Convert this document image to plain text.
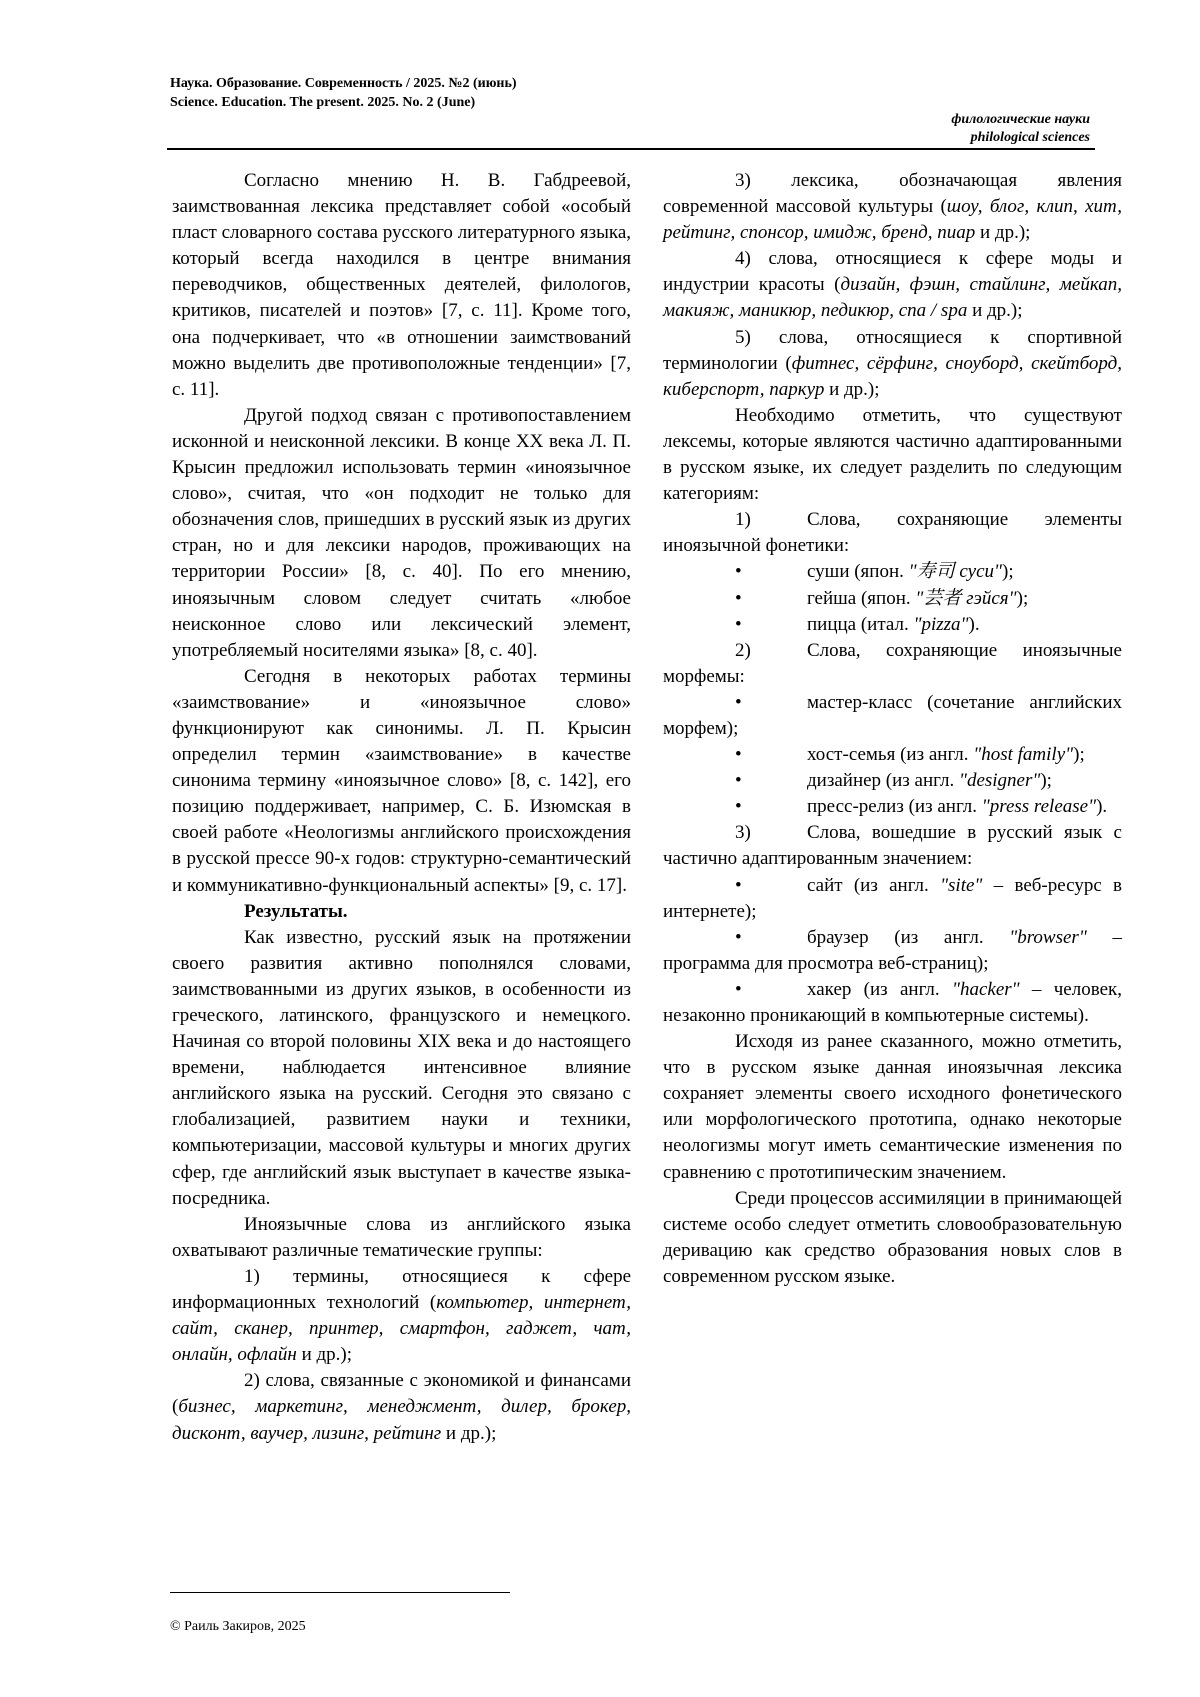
Наука. Образование. Современность / 2025. №2 (июнь)
Science. Education. The present. 2025. No. 2 (June)
филологические науки
philological sciences

Согласно мнению Н. В. Габдреевой, заимствованная лексика представляет собой «особый пласт словарного состава русского литературного языка, который всегда находился в центре внимания переводчиков, общественных деятелей, филологов, критиков, писателей и поэтов» [7, с. 11]. Кроме того, она подчеркивает, что «в отношении заимствований можно выделить две противоположные тенденции» [7, с. 11].

Другой подход связан с противопоставлением исконной и неисконной лексики. В конце XX века Л. П. Крысин предложил использовать термин «иноязычное слово», считая, что «он подходит не только для обозначения слов, пришедших в русский язык из других стран, но и для лексики народов, проживающих на территории России» [8, с. 40]. По его мнению, иноязычным словом следует считать «любое неисконное слово или лексический элемент, употребляемый носителями языка» [8, с. 40].

Сегодня в некоторых работах термины «заимствование» и «иноязычное слово» функционируют как синонимы. Л. П. Крысин определил термин «заимствование» в качестве синонима термину «иноязычное слово» [8, с. 142], его позицию поддерживает, например, С. Б. Изюмская в своей работе «Неологизмы английского происхождения в русской прессе 90-х годов: структурно-семантический и коммуникативно-функциональный аспекты» [9, с. 17].

Результаты.

Как известно, русский язык на протяжении своего развития активно пополнялся словами, заимствованными из других языков, в особенности из греческого, латинского, французского и немецкого. Начиная со второй половины XIX века и до настоящего времени, наблюдается интенсивное влияние английского языка на русский. Сегодня это связано с глобализацией, развитием науки и техники, компьютеризации, массовой культуры и многих других сфер, где английский язык выступает в качестве языка-посредника.

Иноязычные слова из английского языка охватывают различные тематические группы:

1) термины, относящиеся к сфере информационных технологий (компьютер, интернет, сайт, сканер, принтер, смартфон, гаджет, чат, онлайн, офлайн и др.);

2) слова, связанные с экономикой и финансами (бизнес, маркетинг, менеджмент, дилер, брокер, дисконт, ваучер, лизинг, рейтинг и др.);

3) лексика, обозначающая явления современной массовой культуры (шоу, блог, клип, хит, рейтинг, спонсор, имидж, бренд, пиар и др.);

4) слова, относящиеся к сфере моды и индустрии красоты (дизайн, фэшн, стайлинг, мейкап, макияж, маникюр, педикюр, спа / spa и др.);

5) слова, относящиеся к спортивной терминологии (фитнес, сёрфинг, сноуборд, скейтборд, киберспорт, паркур и др.);

Необходимо отметить, что существуют лексемы, которые являются частично адаптированными в русском языке, их следует разделить по следующим категориям:

1)	Слова, сохраняющие элементы иноязычной фонетики:

•	суши (япон. "寿司 суси");

•	гейша (япон. "芸者 гэйся");

•	пицца (итал. "pizza").

2)	Слова, сохраняющие иноязычные морфемы:

•	мастер-класс (сочетание английских морфем);

•	хост-семья (из англ. "host family");

•	дизайнер (из англ. "designer");

•	пресс-релиз (из англ. "press release").

3)	Слова, вошедшие в русский язык с частично адаптированным значением:

•	сайт (из англ. "site" – веб-ресурс в интернете);

•	браузер (из англ. "browser" – программа для просмотра веб-страниц);

•	хакер (из англ. "hacker" – человек, незаконно проникающий в компьютерные системы).

Исходя из ранее сказанного, можно отметить, что в русском языке данная иноязычная лексика сохраняет элементы своего исходного фонетического или морфологического прототипа, однако некоторые неологизмы могут иметь семантические изменения по сравнению с прототипическим значением.

Среди процессов ассимиляции в принимающей системе особо следует отметить словообразовательную деривацию как средство образования новых слов в современном русском языке.

© Раиль Закиров, 2025
